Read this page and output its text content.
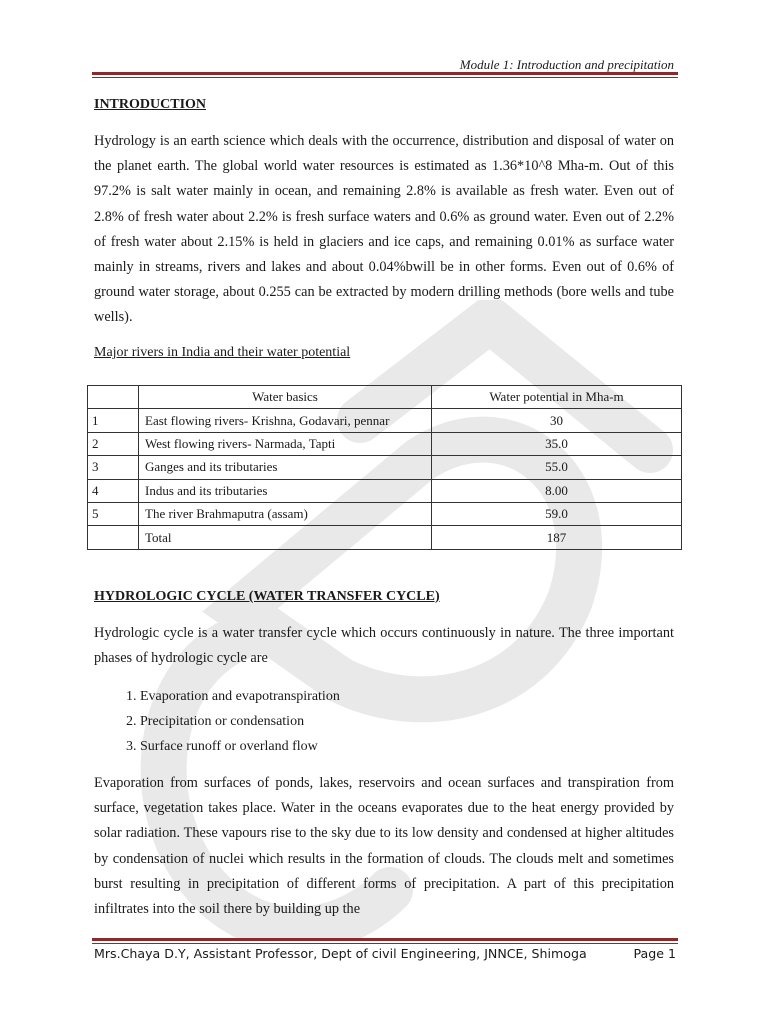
Module 1: Introduction and precipitation
INTRODUCTION
Hydrology is an earth science which deals with the occurrence, distribution and disposal of water on the planet earth. The global world water resources is estimated as 1.36*10^8 Mha-m. Out of this 97.2% is salt water mainly in ocean, and remaining 2.8% is available as fresh water. Even out of 2.8% of fresh water about 2.2% is fresh surface waters and 0.6% as ground water. Even out of 2.2% of fresh water about 2.15% is held in glaciers and ice caps, and remaining 0.01% as surface water mainly in streams, rivers and lakes and about 0.04%bwill be in other forms. Even out of 0.6% of ground water storage, about 0.255 can be extracted by modern drilling methods (bore wells and tube wells).
Major rivers in India and their water potential
	Water basics	Water potential in Mha-m
1	East flowing rivers- Krishna, Godavari, pennar	30
2	West flowing rivers- Narmada, Tapti	35.0
3	Ganges and its tributaries	55.0
4	Indus and its tributaries	8.00
5	The river Brahmaputra (assam)	59.0
	Total	187
HYDROLOGIC CYCLE (WATER TRANSFER CYCLE)
Hydrologic cycle is a water transfer cycle which occurs continuously in nature. The three important phases of hydrologic cycle are
1. Evaporation and evapotranspiration
2. Precipitation or condensation
3. Surface runoff or overland flow
Evaporation from surfaces of ponds, lakes, reservoirs and ocean surfaces and transpiration from surface, vegetation takes place. Water in the oceans evaporates due to the heat energy provided by solar radiation. These vapours rise to the sky due to its low density and condensed at higher altitudes by condensation of nuclei which results in the formation of clouds. The clouds melt and sometimes burst resulting in precipitation of different forms of precipitation. A part of this precipitation infiltrates into the soil there by building up the
Mrs.Chaya D.Y, Assistant Professor, Dept of civil Engineering, JNNCE, Shimoga	Page 1
